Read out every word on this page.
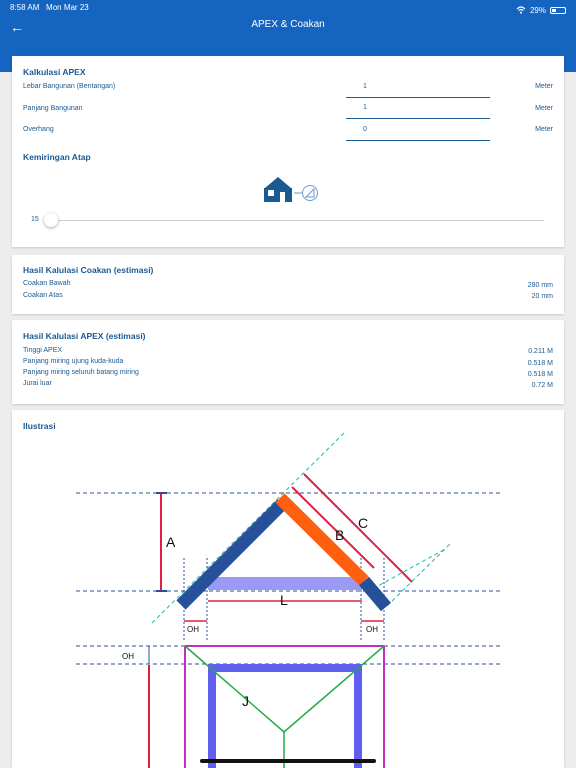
8:58 AM Mon Mar 23	29%
←	APEX & Coakan
Kalkulasi APEX
Lebar Bangunan (Bentangan)	1	Meter
Panjang Bangunan	1	Meter
Overhang	0	Meter
Kemiringan Atap
15
Hasil Kalulasi Coakan (estimasi)
Coakan Bawah	280 mm
Coakan Atas	20 mm
Hasil Kalulasi APEX (estimasi)
Tinggi APEX	0.211 M
Panjang miring ujung kuda-kuda	0.518 M
Panjang miring seluruh batang miring	0.518 M
Jurai luar	0.72 M
Ilustrasi
A	B
C
L
OH	OH
OH
J
